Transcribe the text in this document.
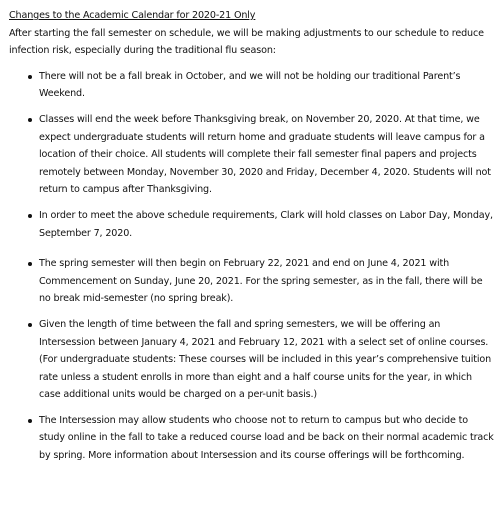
Changes to the Academic Calendar for 2020-21 Only

After starting the fall semester on schedule, we will be making adjustments to our schedule to reduce infection risk, especially during the traditional flu season:

There will not be a fall break in October, and we will not be holding our traditional Parent’s Weekend.
Classes will end the week before Thanksgiving break, on November 20, 2020. At that time, we expect undergraduate students will return home and graduate students will leave campus for a location of their choice. All students will complete their fall semester final papers and projects remotely between Monday, November 30, 2020 and Friday, December 4, 2020. Students will not return to campus after Thanksgiving.
In order to meet the above schedule requirements, Clark will hold classes on Labor Day, Monday, September 7, 2020.
The spring semester will then begin on February 22, 2021 and end on June 4, 2021 with Commencement on Sunday, June 20, 2021. For the spring semester, as in the fall, there will be no break mid-semester (no spring break).
Given the length of time between the fall and spring semesters, we will be offering an Intersession between January 4, 2021 and February 12, 2021 with a select set of online courses. (For undergraduate students: These courses will be included in this year’s comprehensive tuition rate unless a student enrolls in more than eight and a half course units for the year, in which case additional units would be charged on a per-unit basis.)
The Intersession may allow students who choose not to return to campus but who decide to study online in the fall to take a reduced course load and be back on their normal academic track by spring. More information about Intersession and its course offerings will be forthcoming.
